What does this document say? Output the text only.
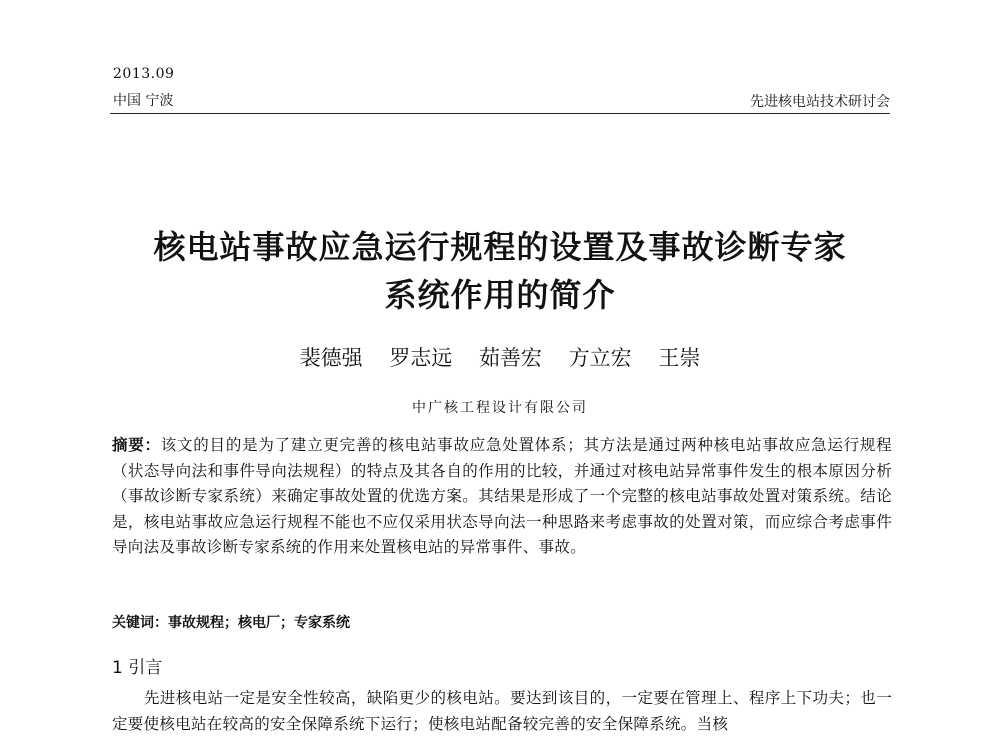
2013.09
中国 宁波	先进核电站技术研讨会
核电站事故应急运行规程的设置及事故诊断专家
系统作用的简介
裴德强 罗志远 茹善宏 方立宏 王崇
中广核工程设计有限公司
摘要：该文的目的是为了建立更完善的核电站事故应急处置体系；其方法是通过两种核电站事故应急运行规程（状态导向法和事件导向法规程）的特点及其各自的作用的比较，并通过对核电站异常事件发生的根本原因分析（事故诊断专家系统）来确定事故处置的优选方案。其结果是形成了一个完整的核电站事故处置对策系统。结论是，核电站事故应急运行规程不能也不应仅采用状态导向法一种思路来考虑事故的处置对策，而应综合考虑事件导向法及事故诊断专家系统的作用来处置核电站的异常事件、事故。
关键词：事故规程；核电厂；专家系统
1 引言
先进核电站一定是安全性较高，缺陷更少的核电站。要达到该目的，一定要在管理上、程序上下功夫；也一定要使核电站在较高的安全保障系统下运行；使核电站配备较完善的安全保障系统。当核
